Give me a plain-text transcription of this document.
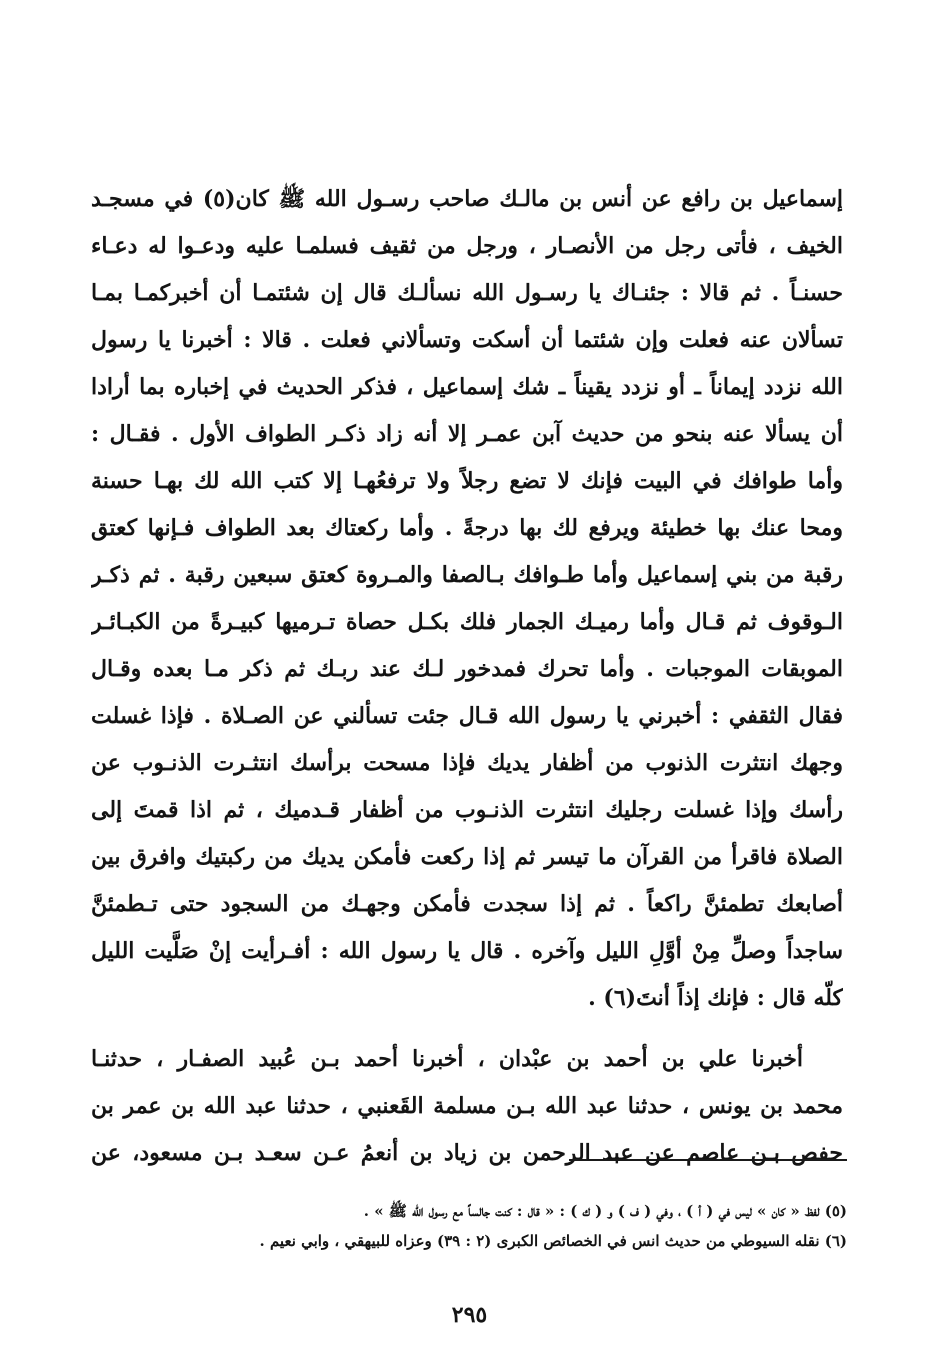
إسماعيل بن رافع عن أنس بن مالـك صاحب رسـول الله ﷺ كان(٥) في مسجـد
الخيف ، فأتى رجل من الأنصـار ، ورجل من ثقيف فسلمـا عليه ودعـوا له دعـاء
حسنـاً . ثم قالا : جئنـاك يا رسـول الله نسألـك قال إن شئتمـا أن أخبركمـا بمـا
تسألان عنه فعلت وإن شئتما أن أسكت وتسألاني فعلت . قالا : أخبرنا يا رسول
الله نزدد إيماناً ـ أو نزدد يقيناً ـ شك إسماعيل ، فذكر الحديث في إخباره بما أرادا
أن يسألا عنه بنحو من حديث آبن عمـر إلا أنه زاد ذكـر الطواف الأول . فقـال :
وأما طوافك في البيت فإنك لا تضع رجلاً ولا ترفعُهـا إلا كتب الله لك بهـا حسنة
ومحا عنك بها خطيئة ويرفع لك بها درجةً . وأما ركعتاك بعد الطواف فـإنها كعتق
رقبة من بني إسماعيل وأما طـوافك بـالصفا والمـروة كعتق سبعين رقبة . ثم ذكـر
الـوقوف ثم قـال وأما رميـك الجمار فلك بكـل حصاة تـرميها كبيـرةً من الكبـائـر
الموبقات الموجبات . وأما تحرك فمدخور لـك عند ربـك ثم ذكر مـا بعده وقـال
فقال الثقفي : أخبرني يا رسول الله قـال جئت تسألني عن الصـلاة . فإذا غسلت
وجهك انتثرت الذنوب من أظفار يديك فإذا مسحت برأسك انتثـرت الذنـوب عن
رأسك وإذا غسلت رجليك انتثرت الذنـوب من أظفار قـدميك ، ثم اذا قمتَ إلى
الصلاة فاقرأ من القرآن ما تيسر ثم إذا ركعت فأمكن يديك من ركبتيك وافرق بين
أصابعك تطمئنَّ راكعاً . ثم إذا سجدت فأمكن وجهـك من السجود حتى تـطمئنَّ
ساجداً وصلِّ مِنْ أوَّلِ الليل وآخره . قال يا رسول الله : أفـرأيت إنْ صَلَّيت الليل
كلّه قال : فإنك إذاً أنتَ(٦) .
أخبرنا علي بن أحمد بن عبْدان ، أخبرنا أحمد بـن عُبيد الصفـار ، حدثنـا
محمد بن يونس ، حدثنا عبد الله بـن مسلمة القَعنبي ، حدثنا عبد الله بن عمر بن
حفص بـن عاصم عن عبد الرحمن بن زياد بن أنعمُ عـن سعـد بـن مسعود، عن
(٥) لفظ « كان » ليس في ( أ ) ، وفي ( ف ) و ( ك ) : « قال : كنت جالساً مع رسول الله ﷺ » .
(٦) نقله السيوطي من حديث انس في الخصائص الكبرى (٢ : ٣٩) وعزاه للبيهقي ، وابي نعيم .
٢٩٥
